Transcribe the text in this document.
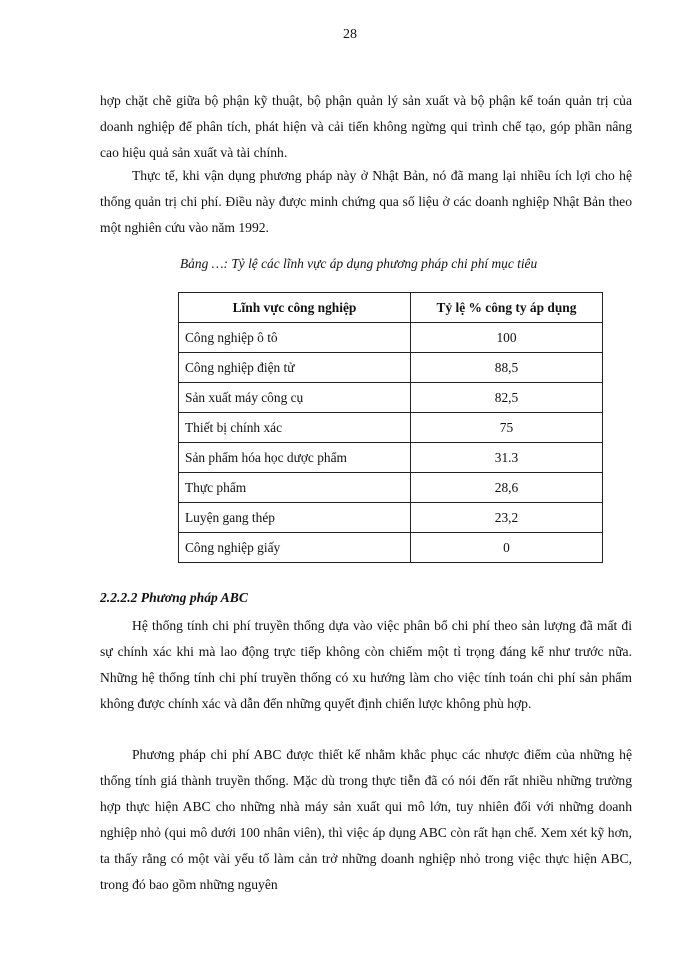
28

hợp chặt chẽ giữa bộ phận kỹ thuật, bộ phận quản lý sản xuất và bộ phận kế toán quản trị của doanh nghiệp để phân tích, phát hiện và cải tiến không ngừng qui trình chế tạo, góp phần nâng cao hiệu quả sản xuất và tài chính.

Thực tế, khi vận dụng phương pháp này ở Nhật Bản, nó đã mang lại nhiều ích lợi cho hệ thống quản trị chi phí. Điều này được minh chứng qua số liệu ở các doanh nghiệp Nhật Bản theo một nghiên cứu vào năm 1992.

Bảng …: Tỷ lệ các lĩnh vực áp dụng phương pháp chi phí mục tiêu
Lĩnh vực công nghiệp	Tỷ lệ % công ty áp dụng
Công nghiệp ô tô	100
Công nghiệp điện tử	88,5
Sản xuất máy công cụ	82,5
Thiết bị chính xác	75
Sản phẩm hóa học dược phẩm	31.3
Thực phẩm	28,6
Luyện gang thép	23,2
Công nghiệp giấy	0
2.2.2.2 Phương pháp ABC

Hệ thống tính chi phí truyền thống dựa vào việc phân bổ chi phí theo sản lượng đã mất đi sự chính xác khi mà lao động trực tiếp không còn chiếm một tỉ trọng đáng kể như trước nữa. Những hệ thống tính chi phí truyền thống có xu hướng làm cho việc tính toán chi phí sản phẩm không được chính xác và dẫn đến những quyết định chiến lược không phù hợp.

Phương pháp chi phí ABC được thiết kế nhằm khắc phục các nhược điểm của những hệ thống tính giá thành truyền thống. Mặc dù trong thực tiễn đã có nói đến rất nhiều những trường hợp thực hiện ABC cho những nhà máy sản xuất qui mô lớn, tuy nhiên đối với những doanh nghiệp nhỏ (qui mô dưới 100 nhân viên), thì việc áp dụng ABC còn rất hạn chế. Xem xét kỹ hơn, ta thấy rằng có một vài yếu tố làm cản trở những doanh nghiệp nhỏ trong việc thực hiện ABC, trong đó bao gồm những nguyên
